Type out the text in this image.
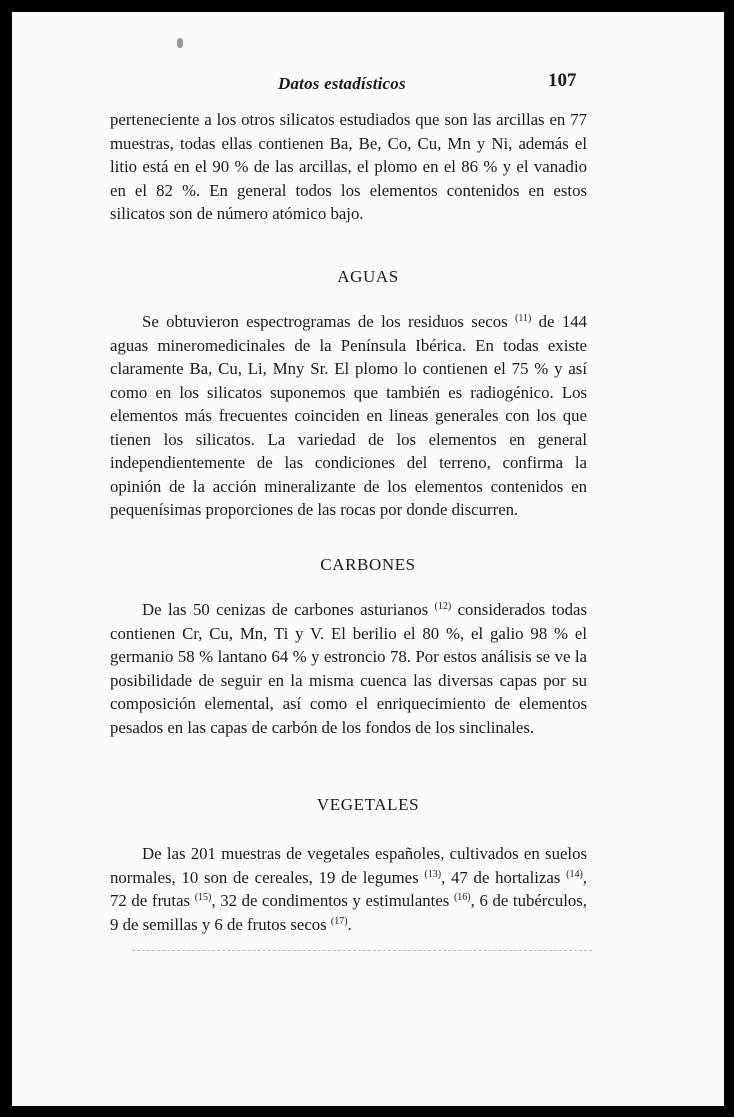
Datos estadísticos	107

perteneciente a los otros silicatos estudiados que son las arcillas en 77 muestras, todas ellas contienen Ba, Be, Co, Cu, Mn y Ni, además el litio está en el 90 % de las arcillas, el plomo en el 86 % y el vanadio en el 82 %. En general todos los elementos contenidos en estos silicatos son de número atómico bajo.

AGUAS

Se obtuvieron espectrogramas de los residuos secos $^{(11)}$ de 144 aguas mineromedicinales de la Península Ibérica. En todas existe claramente Ba, Cu, Li, Mny Sr. El plomo lo contienen el 75 % y así como en los silicatos suponemos que también es radiogénico. Los elementos más frecuentes coinciden en lineas generales con los que tienen los silicatos. La variedad de los elementos en general independientemente de las condiciones del terreno, confirma la opinión de la acción mineralizante de los elementos contenidos en pequenísimas proporciones de las rocas por donde discurren.

CARBONES

De las 50 cenizas de carbones asturianos $^{(12)}$ considerados todas contienen Cr, Cu, Mn, Ti y V. El berilio el 80 %, el galio 98 % el germanio 58 % lantano 64 % y estroncio 78. Por estos análisis se ve la posibilidade de seguir en la misma cuenca las diversas capas por su composición elemental, así como el enriquecimiento de elementos pesados en las capas de carbón de los fondos de los sinclinales.

VEGETALES

De las 201 muestras de vegetales españoles, cultivados en suelos normales, 10 son de cereales, 19 de legumes $^{(13)}$, 47 de hortalizas $^{(14)}$, 72 de frutas $^{(15)}$, 32 de condimentos y estimulantes $^{(16)}$, 6 de tubérculos, 9 de semillas y 6 de frutos secos $^{(17)}$.
